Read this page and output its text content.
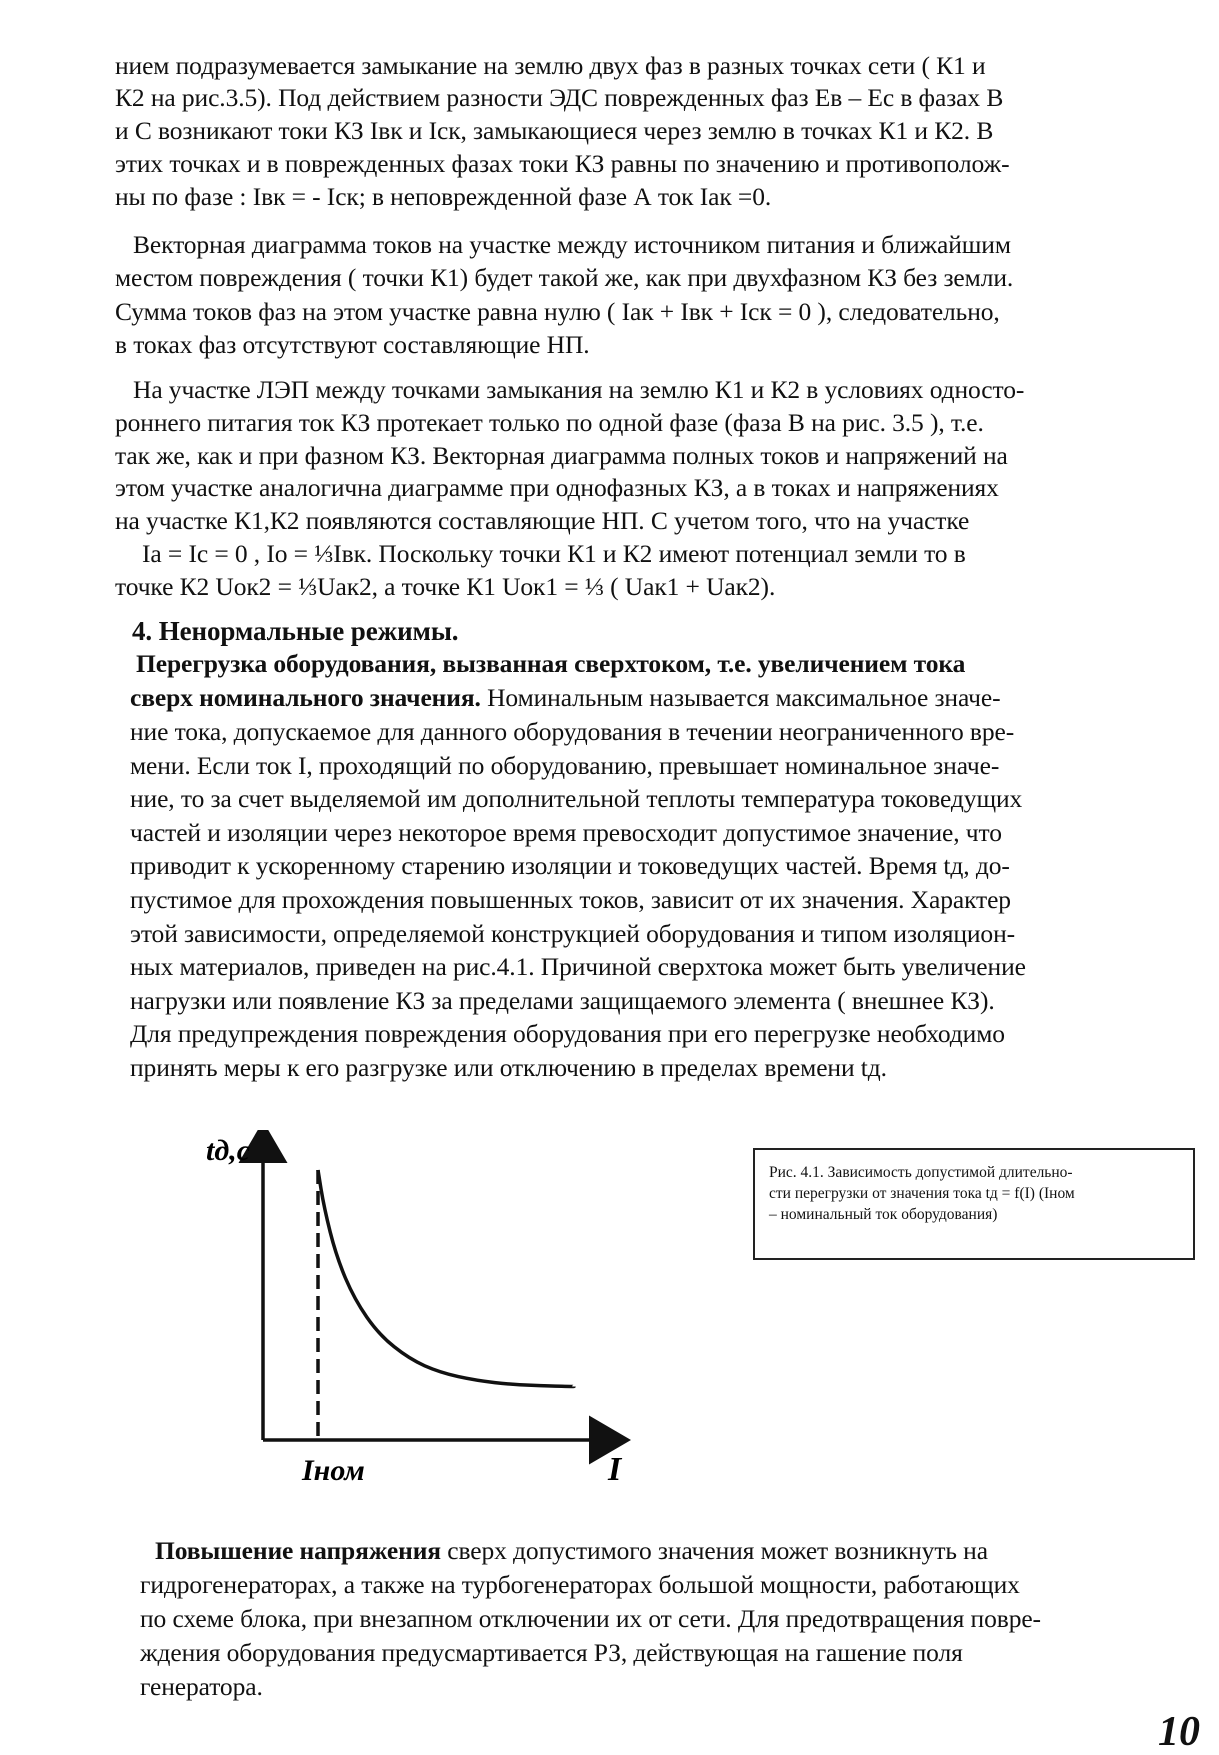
нием подразумевается замыкание на землю двух фаз в разных точках сети ( К1 и
К2 на рис.3.5). Под действием разности ЭДС поврежденных фаз Ев – Ес в фазах В
и С возникают токи КЗ Iвк и Iск, замыкающиеся через землю в точках К1 и К2. В
этих точках и в поврежденных фазах токи КЗ равны по значению и противополож-
ны по фазе : Iвк = - Iск; в неповрежденной фазе А ток Iак =0.
Векторная диаграмма токов на участке между источником питания и ближайшим
местом повреждения ( точки К1) будет такой же, как при двухфазном КЗ без земли.
Сумма токов фаз на этом участке равна нулю ( Iак + Iвк + Iск = 0 ), следовательно,
в токах фаз отсутствуют составляющие НП.
На участке ЛЭП между точками замыкания на землю К1 и К2 в условиях односто-
роннего питагия ток КЗ протекает только по одной фазе (фаза В на рис. 3.5 ), т.е.
так же, как и при фазном КЗ. Векторная диаграмма полных токов и напряжений на
этом участке аналогична диаграмме при однофазных КЗ, а в токах и напряжениях
на участке К1,К2 появляются составляющие НП. С учетом того, что на участке
Ia = Ic = 0 , Io = ⅓Iвк. Поскольку точки К1 и К2 имеют потенциал земли то в
точке К2 Uoк2 = ⅓Uак2, а точке К1 Uoк1 = ⅓ ( Uак1 + Uак2).
4. Ненормальные режимы.
Перегрузка оборудования, вызванная сверхтоком, т.е. увеличением тока
сверх номинального значения. Номинальным называется максимальное значе-
ние тока, допускаемое для данного оборудования в течении неограниченного вре-
мени. Если ток I, проходящий по оборудованию, превышает номинальное значе-
ние, то за счет выделяемой им дополнительной теплоты температура токоведущих
частей и изоляции через некоторое время превосходит допустимое значение, что
приводит к ускоренному старению изоляции и токоведущих частей. Время tд, до-
пустимое для прохождения повышенных токов, зависит от их значения. Характер
этой зависимости, определяемой конструкцией оборудования и типом изоляцион-
ных материалов, приведен на рис.4.1. Причиной сверхтока может быть увеличение
нагрузки или появление КЗ за пределами защищаемого элемента ( внешнее КЗ).
Для предупреждения повреждения оборудования при его перегрузке необходимо
принять меры к его разгрузке или отключению в пределах времени tд.
tд,c
Iном	I
Рис. 4.1. Зависимость допустимой длительно-
сти перегрузки от значения тока tд = f(I) (Iном
– номинальный ток оборудования)
Повышение напряжения сверх допустимого значения может возникнуть на
гидрогенераторах, а также на турбогенераторах большой мощности, работающих
по схеме блока, при внезапном отключении их от сети. Для предотвращения повре-
ждения оборудования предусмартивается РЗ, действующая на гашение поля
генератора.
10
